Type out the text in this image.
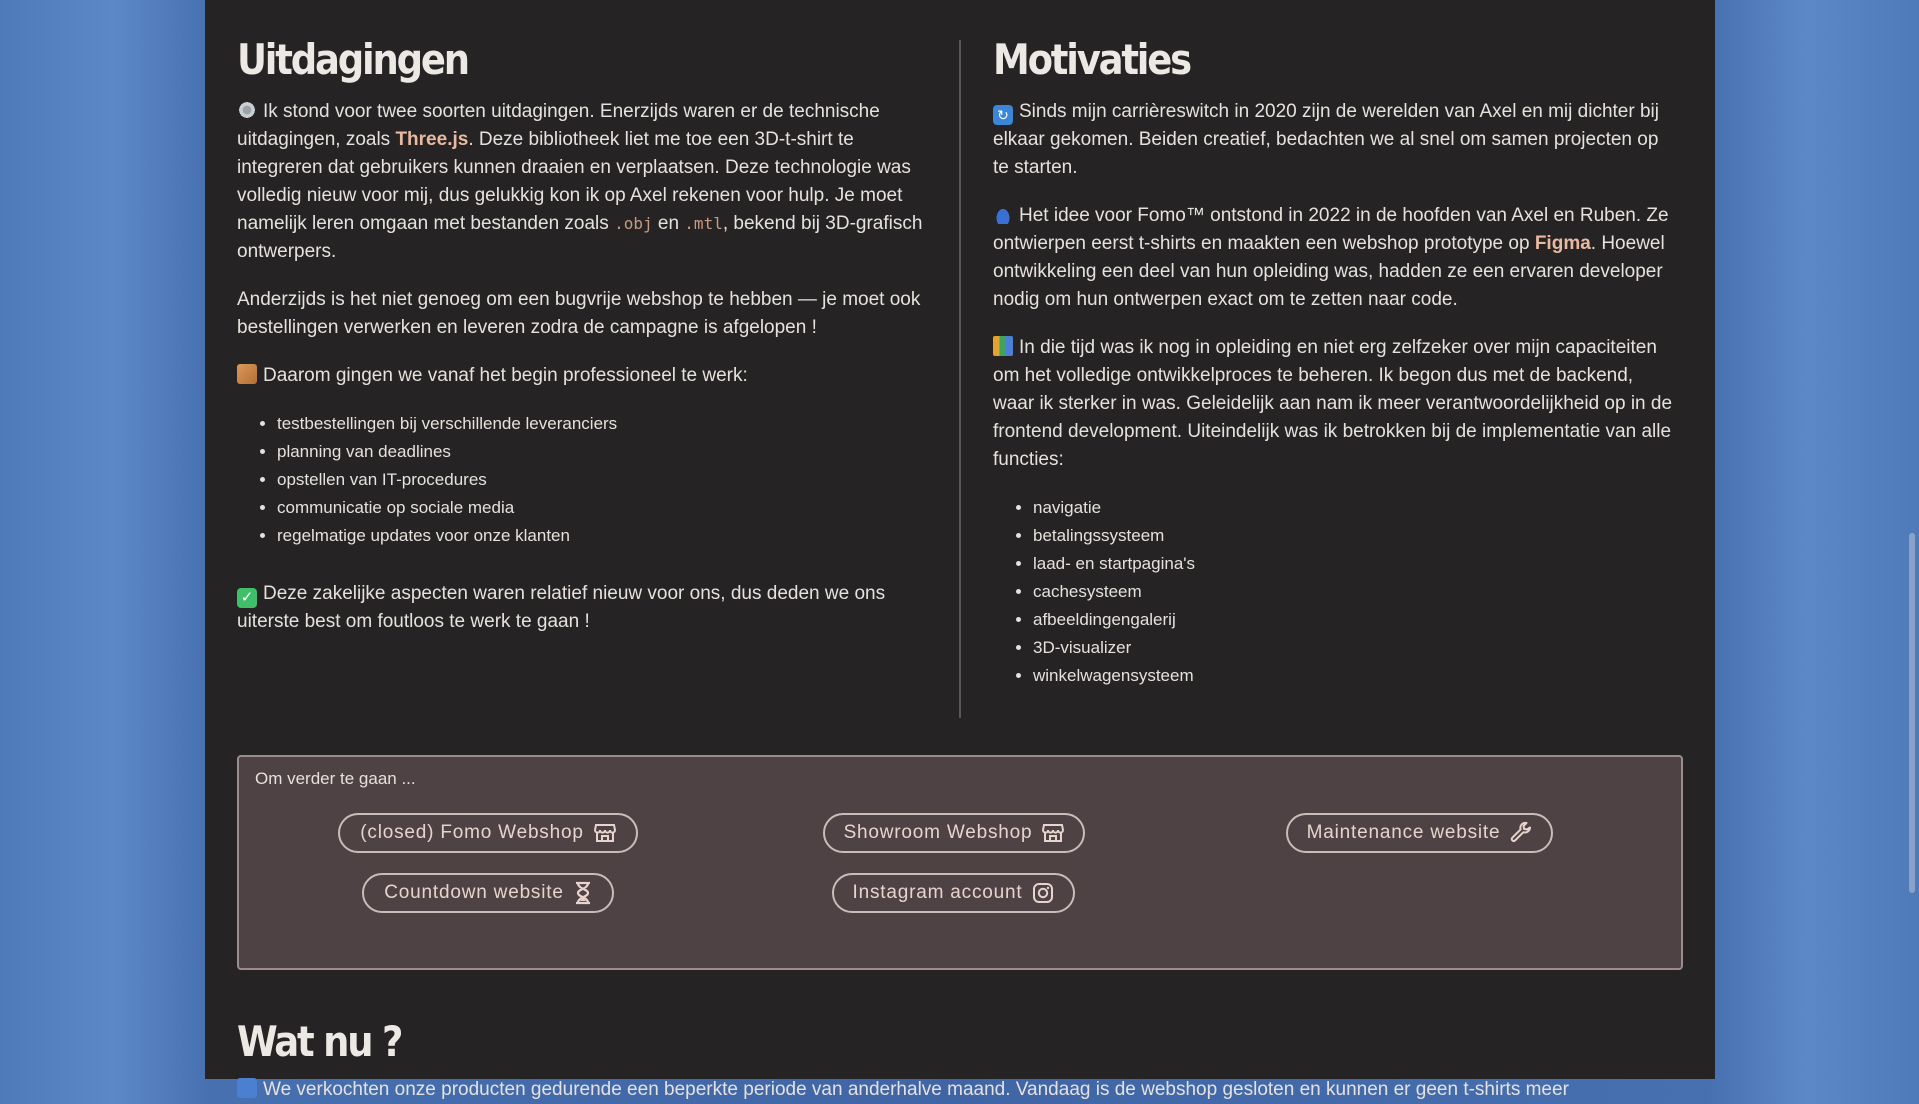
Uitdagingen

Ik stond voor twee soorten uitdagingen. Enerzijds waren er de technische uitdagingen, zoals Three.js. Deze bibliotheek liet me toe een 3D-t-shirt te integreren dat gebruikers kunnen draaien en verplaatsen. Deze technologie was volledig nieuw voor mij, dus gelukkig kon ik op Axel rekenen voor hulp. Je moet namelijk leren omgaan met bestanden zoals .obj en .mtl, bekend bij 3D-grafisch ontwerpers.

Anderzijds is het niet genoeg om een bugvrije webshop te hebben — je moet ook bestellingen verwerken en leveren zodra de campagne is afgelopen !

Daarom gingen we vanaf het begin professioneel te werk:

• testbestellingen bij verschillende leveranciers
• planning van deadlines
• opstellen van IT-procedures
• communicatie op sociale media
• regelmatige updates voor onze klanten

✓ Deze zakelijke aspecten waren relatief nieuw voor ons, dus deden we ons uiterste best om foutloos te werk te gaan !

Motivaties

↻ Sinds mijn carrièreswitch in 2020 zijn de werelden van Axel en mij dichter bij elkaar gekomen. Beiden creatief, bedachten we al snel om samen projecten op te starten.

Het idee voor Fomo™ ontstond in 2022 in de hoofden van Axel en Ruben. Ze ontwierpen eerst t-shirts en maakten een webshop prototype op Figma. Hoewel ontwikkeling een deel van hun opleiding was, hadden ze een ervaren developer nodig om hun ontwerpen exact om te zetten naar code.

In die tijd was ik nog in opleiding en niet erg zelfzeker over mijn capaciteiten om het volledige ontwikkelproces te beheren. Ik begon dus met de backend, waar ik sterker in was. Geleidelijk aan nam ik meer verantwoordelijkheid op in de frontend development. Uiteindelijk was ik betrokken bij de implementatie van alle functies:

• navigatie
• betalingssysteem
• laad- en startpagina's
• cachesysteem
• afbeeldingengalerij
• 3D-visualizer
• winkelwagensysteem
Om verder te gaan ...
(closed) Fomo Webshop	Showroom Webshop	Maintenance website
Countdown website	Instagram account
Wat nu ?

We verkochten onze producten gedurende een beperkte periode van anderhalve maand. Vandaag is de webshop gesloten en kunnen er geen t-shirts meer
